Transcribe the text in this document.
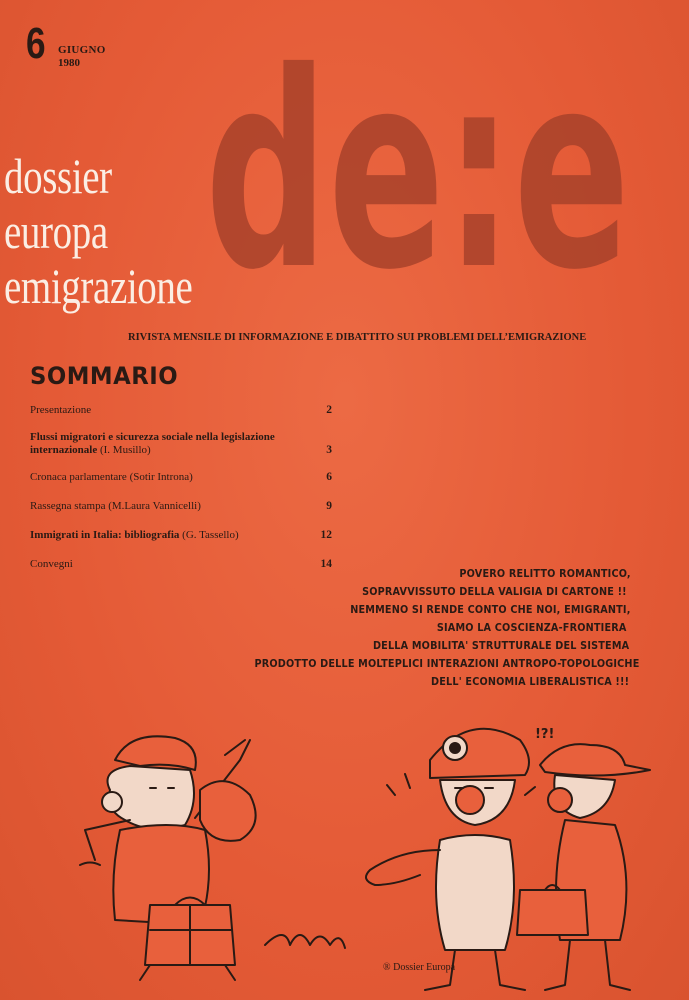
de:e
6 GIUGNO
1980
dossier
europa
emigrazione
RIVISTA MENSILE DI INFORMAZIONE E DIBATTITO SUI PROBLEMI DELL’EMIGRAZIONE
SOMMARIO
Presentazione	2
Flussi migratori e sicurezza sociale nella legislazione internazionale (I. Musillo)	3
Cronaca parlamentare (Sotir Introna)	6
Rassegna stampa (M.Laura Vannicelli)	9
Immigrati in Italia: bibliografia (G. Tassello)	12
Convegni	14
POVERO RELITTO ROMANTICO,
SOPRAVVISSUTO DELLA VALIGIA DI CARTONE !!
NEMMENO SI RENDE CONTO CHE NOI, EMIGRANTI,
SIAMO LA COSCIENZA-FRONTIERA
DELLA MOBILITA' STRUTTURALE DEL SISTEMA
PRODOTTO DELLE MOLTEPLICI INTERAZIONI ANTROPO-TOPOLOGICHE
DELL' ECONOMIA LIBERALISTICA !!!
!?!
® Dossier Europa
